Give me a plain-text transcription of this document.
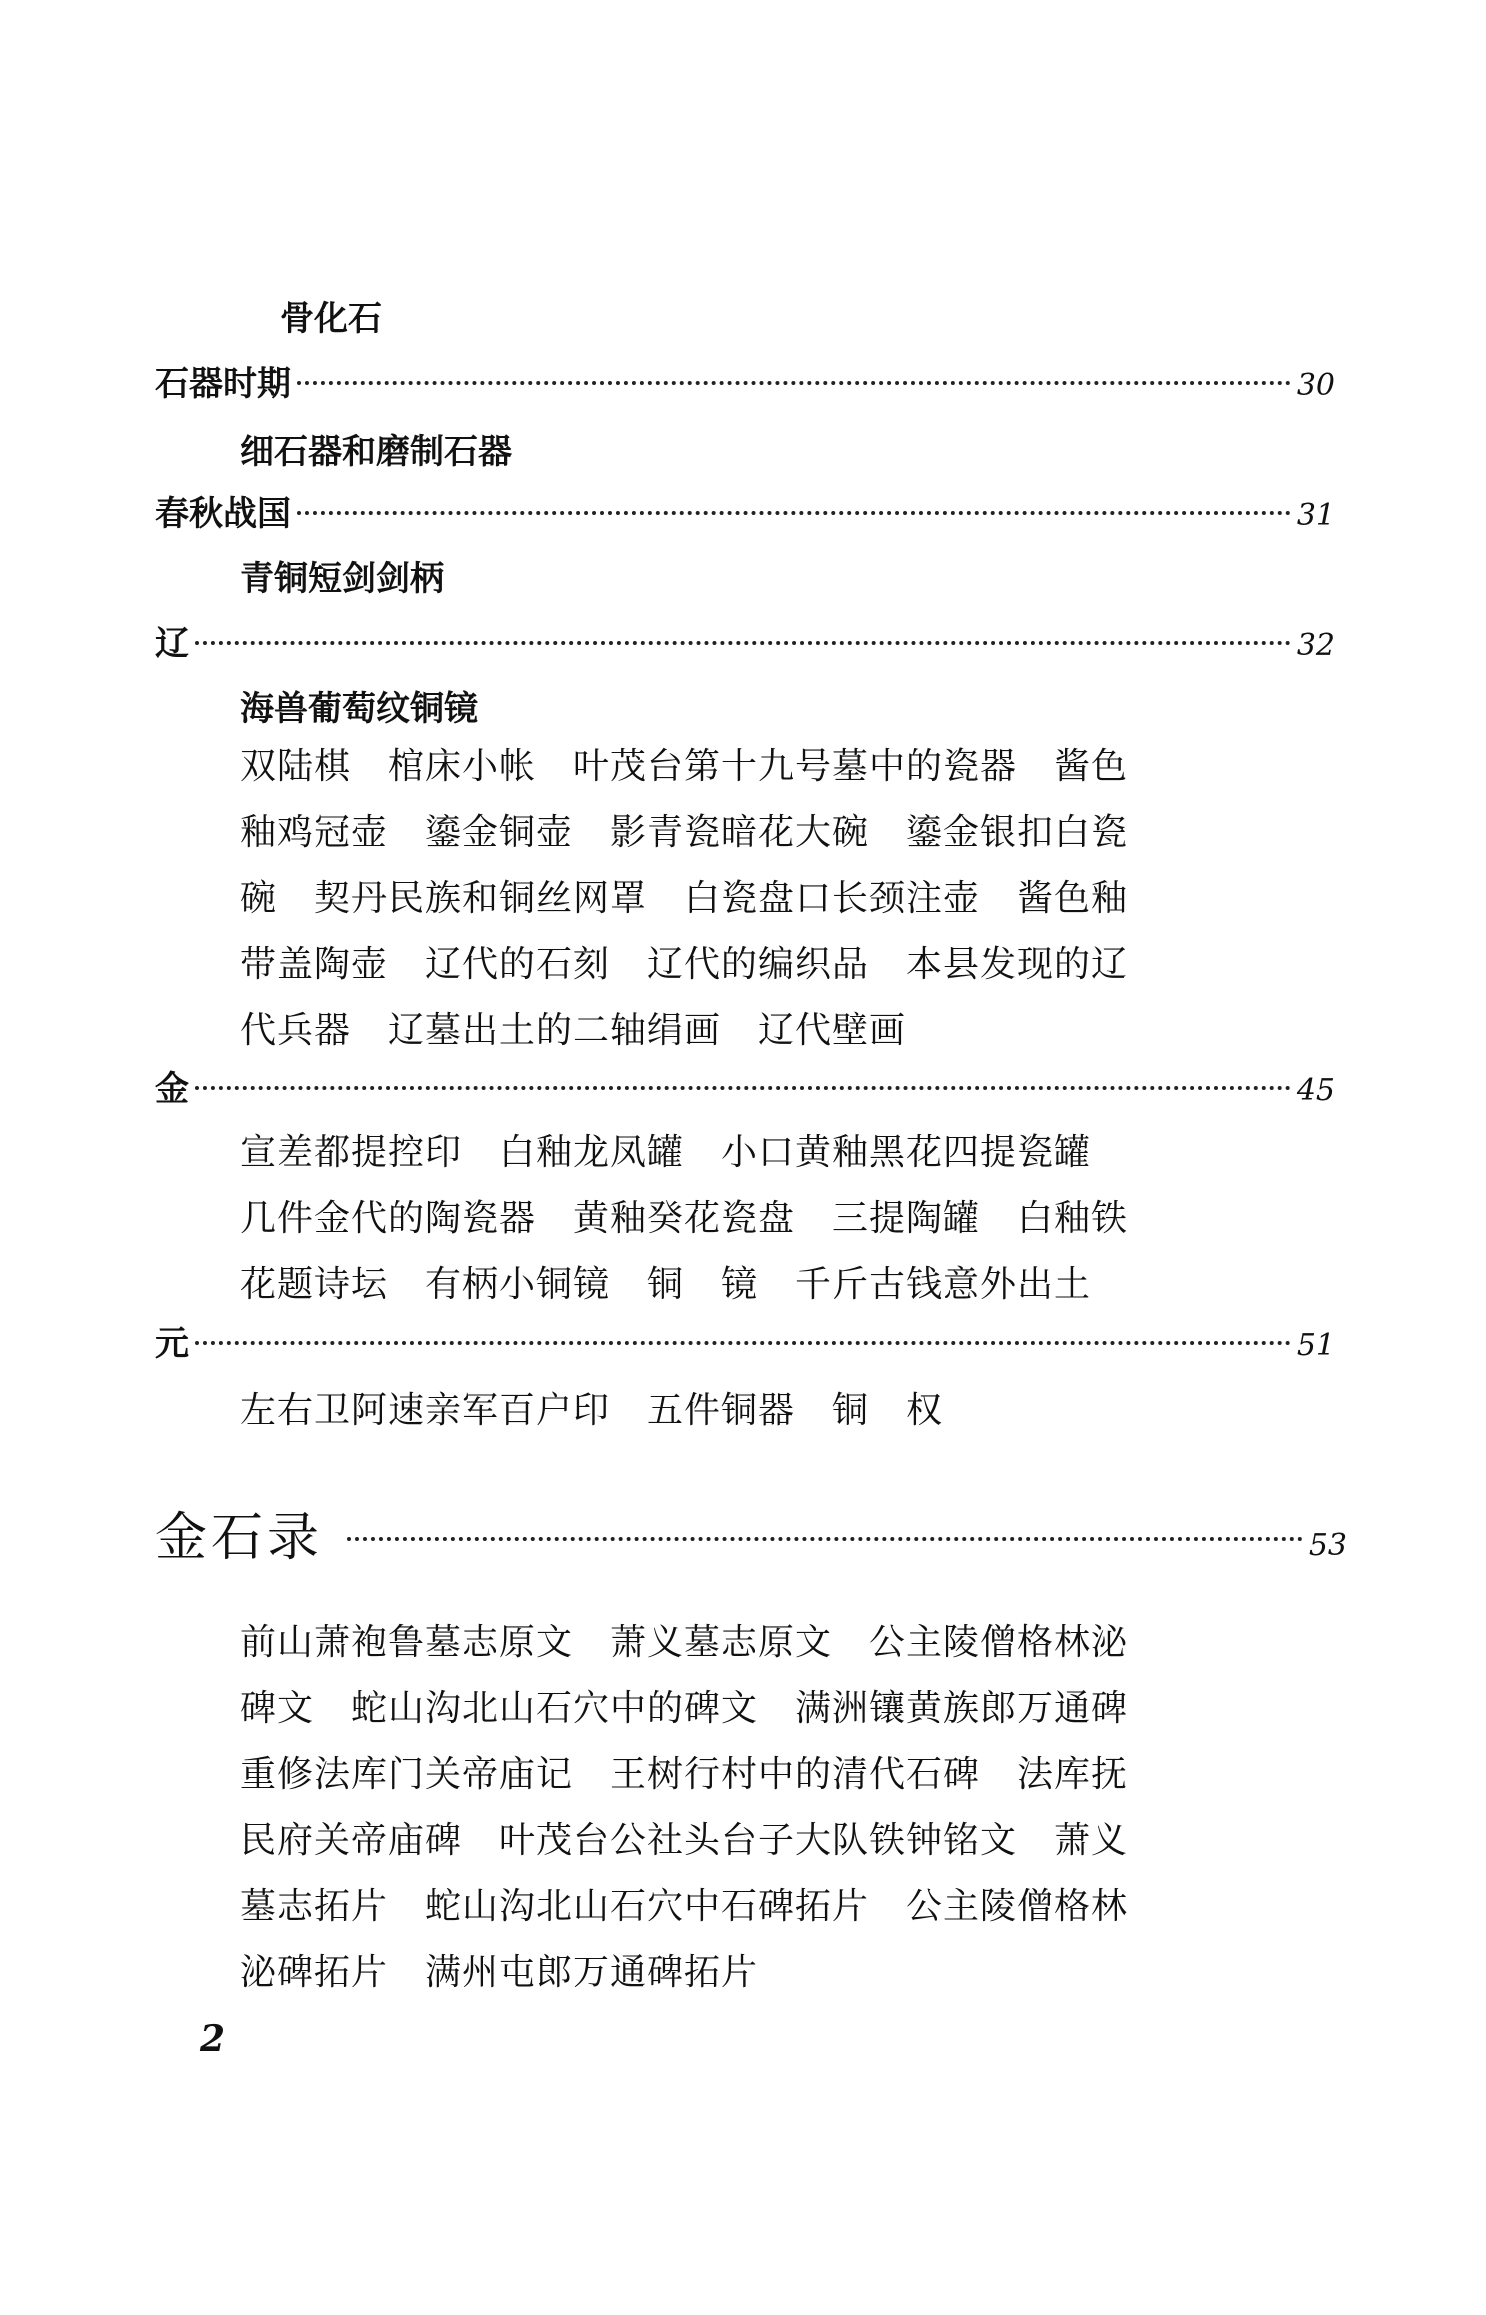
骨化石
石器时期	30
细石器和磨制石器
春秋战国	31
青铜短剑剑柄
辽	32
海兽葡萄纹铜镜
双陆棋　棺床小帐　叶茂台第十九号墓中的瓷器　酱色
釉鸡冠壶　鎏金铜壶　影青瓷暗花大碗　鎏金银扣白瓷
碗　契丹民族和铜丝网罩　白瓷盘口长颈注壶　酱色釉
带盖陶壶　辽代的石刻　辽代的编织品　本县发现的辽
代兵器　辽墓出土的二轴绢画　辽代壁画
金	45
宣差都提控印　白釉龙凤罐　小口黄釉黑花四提瓷罐
几件金代的陶瓷器　黄釉癸花瓷盘　三提陶罐　白釉铁
花题诗坛　有柄小铜镜　铜　镜　千斤古钱意外出土
元	51
左右卫阿速亲军百户印　五件铜器　铜　权
金石录	53
前山萧袍鲁墓志原文　萧义墓志原文　公主陵僧格林泌
碑文　蛇山沟北山石穴中的碑文　满洲镶黄族郎万通碑
重修法库门关帝庙记　王树行村中的清代石碑　法库抚
民府关帝庙碑　叶茂台公社头台子大队铁钟铭文　萧义
墓志拓片　蛇山沟北山石穴中石碑拓片　公主陵僧格林
泌碑拓片　满州屯郎万通碑拓片
2
